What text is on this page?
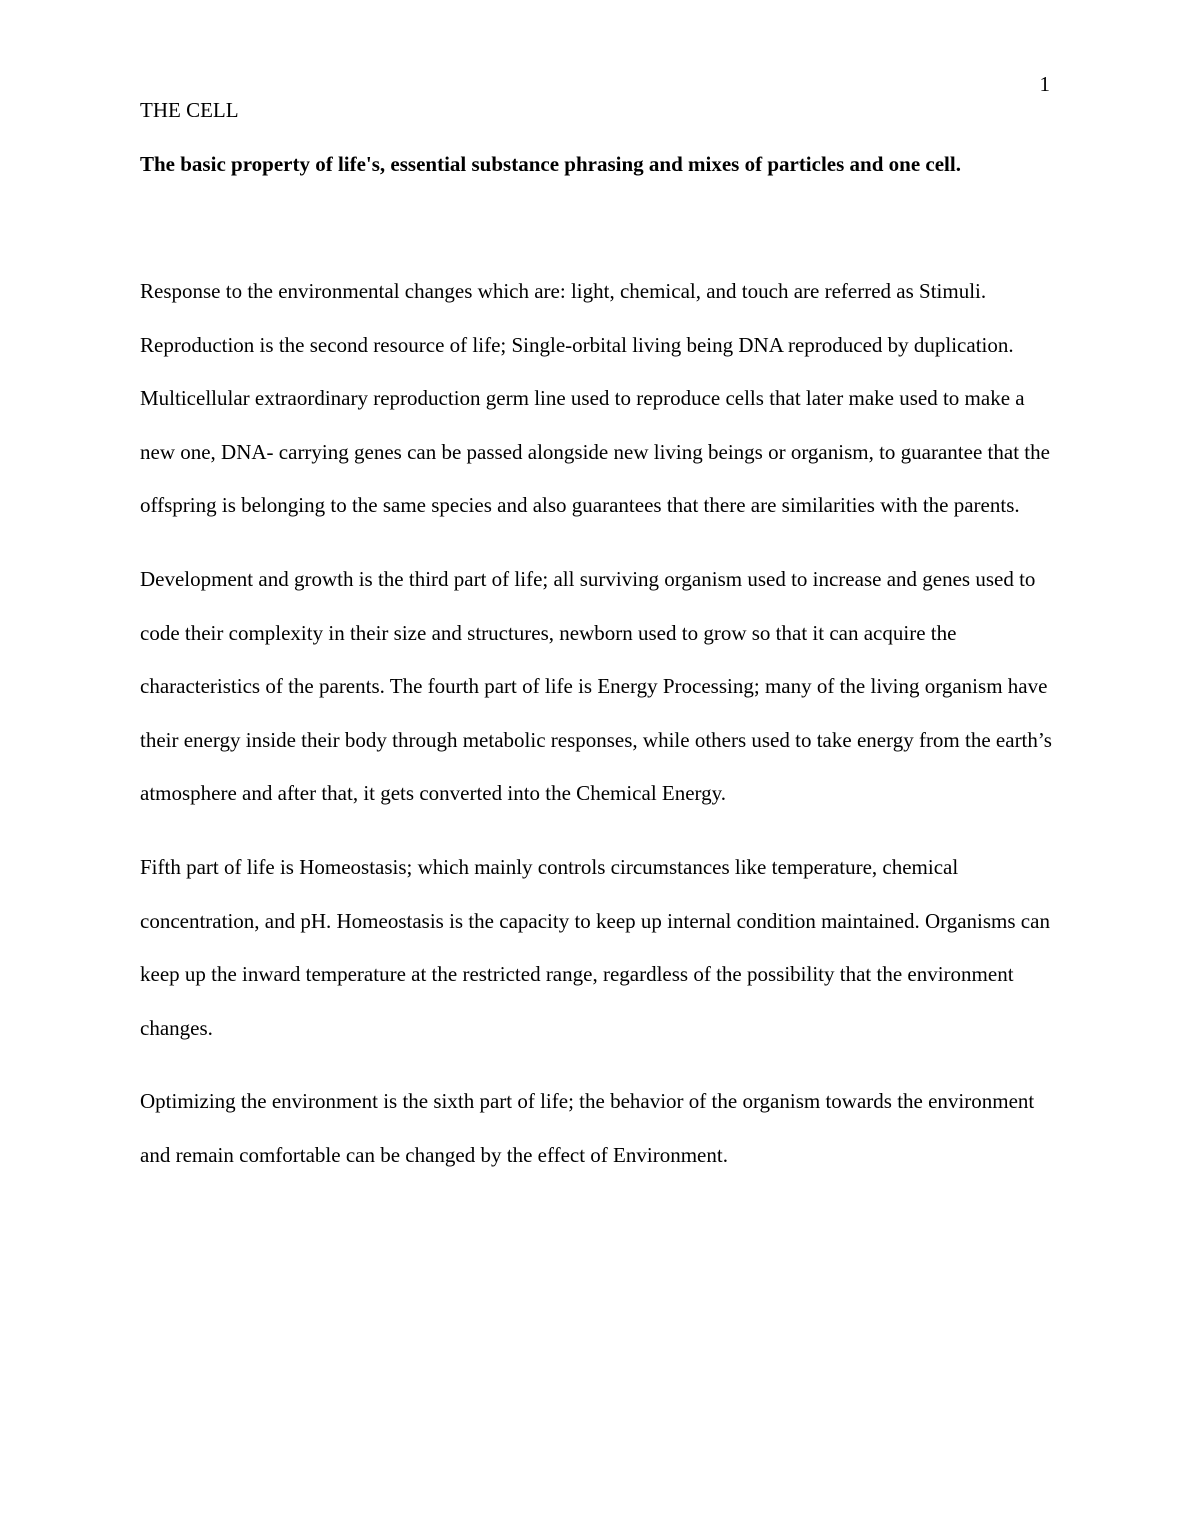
1
THE CELL
The basic property of life's, essential substance phrasing and mixes of particles and one cell.

Response to the environmental changes which are: light, chemical, and touch are referred as Stimuli. Reproduction is the second resource of life; Single-orbital living being DNA reproduced by duplication. Multicellular extraordinary reproduction germ line used to reproduce cells that later make used to make a new one, DNA- carrying genes can be passed alongside new living beings or organism, to guarantee that the offspring is belonging to the same species and also guarantees that there are similarities with the parents.

Development and growth is the third part of life; all surviving organism used to increase and genes used to code their complexity in their size and structures, newborn used to grow so that it can acquire the characteristics of the parents. The fourth part of life is Energy Processing; many of the living organism have their energy inside their body through metabolic responses, while others used to take energy from the earth’s atmosphere and after that, it gets converted into the Chemical Energy.

Fifth part of life is Homeostasis; which mainly controls circumstances like temperature, chemical concentration, and pH. Homeostasis is the capacity to keep up internal condition maintained. Organisms can keep up the inward temperature at the restricted range, regardless of the possibility that the environment changes.

Optimizing the environment is the sixth part of life; the behavior of the organism towards the environment and remain comfortable can be changed by the effect of Environment.
